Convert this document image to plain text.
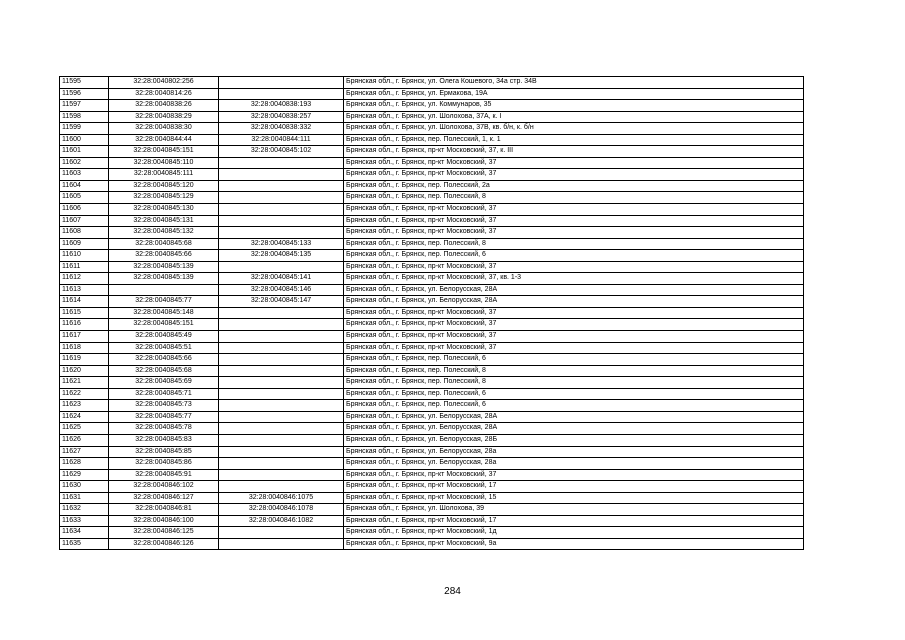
11595	32:28:0040802:256		Брянская обл., г. Брянск, ул. Олега Кошевого, 34а стр. 34В
11596	32:28:0040814:26		Брянская обл., г. Брянск, ул. Ермакова, 19А
11597	32:28:0040838:26	32:28:0040838:193	Брянская обл., г. Брянск, ул. Коммунаров, 35
11598	32:28:0040838:29	32:28:0040838:257	Брянская обл., г. Брянск, ул. Шолохова, 37А, к. I
11599	32:28:0040838:30	32:28:0040838:332	Брянская обл., г. Брянск, ул. Шолохова, 37В, кв. б/н, к. б/н
11600	32:28:0040844:44	32:28:0040844:111	Брянская обл., г. Брянск, пер. Полесский, 1, к. 1
11601	32:28:0040845:151	32:28:0040845:102	Брянская обл., г. Брянск, пр-кт Московский, 37, к. III
11602	32:28:0040845:110		Брянская обл., г. Брянск, пр-кт Московский, 37
11603	32:28:0040845:111		Брянская обл., г. Брянск, пр-кт Московский, 37
11604	32:28:0040845:120		Брянская обл., г. Брянск, пер. Полесский, 2а
11605	32:28:0040845:129		Брянская обл., г. Брянск, пер. Полесский, 8
11606	32:28:0040845:130		Брянская обл., г. Брянск, пр-кт Московский, 37
11607	32:28:0040845:131		Брянская обл., г. Брянск, пр-кт Московский, 37
11608	32:28:0040845:132		Брянская обл., г. Брянск, пр-кт Московский, 37
11609	32:28:0040845:68	32:28:0040845:133	Брянская обл., г. Брянск, пер. Полесский, 8
11610	32:28:0040845:66	32:28:0040845:135	Брянская обл., г. Брянск, пер. Полесский, 6
11611	32:28:0040845:139		Брянская обл., г. Брянск, пр-кт Московский, 37
11612	32:28:0040845:139	32:28:0040845:141	Брянская обл., г. Брянск, пр-кт Московский, 37, кв. 1-3
11613		32:28:0040845:146	Брянская обл., г. Брянск, ул. Белорусская, 28А
11614	32:28:0040845:77	32:28:0040845:147	Брянская обл., г. Брянск, ул. Белорусская, 28А
11615	32:28:0040845:148		Брянская обл., г. Брянск, пр-кт Московский, 37
11616	32:28:0040845:151		Брянская обл., г. Брянск, пр-кт Московский, 37
11617	32:28:0040845:49		Брянская обл., г. Брянск, пр-кт Московский, 37
11618	32:28:0040845:51		Брянская обл., г. Брянск, пр-кт Московский, 37
11619	32:28:0040845:66		Брянская обл., г. Брянск, пер. Полесский, 6
11620	32:28:0040845:68		Брянская обл., г. Брянск, пер. Полесский, 8
11621	32:28:0040845:69		Брянская обл., г. Брянск, пер. Полесский, 8
11622	32:28:0040845:71		Брянская обл., г. Брянск, пер. Полесский, 6
11623	32:28:0040845:73		Брянская обл., г. Брянск, пер. Полесский, 6
11624	32:28:0040845:77		Брянская обл., г. Брянск, ул. Белорусская, 28А
11625	32:28:0040845:78		Брянская обл., г. Брянск, ул. Белорусская, 28А
11626	32:28:0040845:83		Брянская обл., г. Брянск, ул. Белорусская, 28Б
11627	32:28:0040845:85		Брянская обл., г. Брянск, ул. Белорусская, 28а
11628	32:28:0040845:86		Брянская обл., г. Брянск, ул. Белорусская, 28а
11629	32:28:0040845:91		Брянская обл., г. Брянск, пр-кт Московский, 37
11630	32:28:0040846:102		Брянская обл., г. Брянск, пр-кт Московский, 17
11631	32:28:0040846:127	32:28:0040846:1075	Брянская обл., г. Брянск, пр-кт Московский, 15
11632	32:28:0040846:81	32:28:0040846:1078	Брянская обл., г. Брянск, ул. Шолохова, 39
11633	32:28:0040846:100	32:28:0040846:1082	Брянская обл., г. Брянск, пр-кт Московский, 17
11634	32:28:0040846:125		Брянская обл., г. Брянск, пр-кт Московский, 1д
11635	32:28:0040846:126		Брянская обл., г. Брянск, пр-кт Московский, 9а
284
